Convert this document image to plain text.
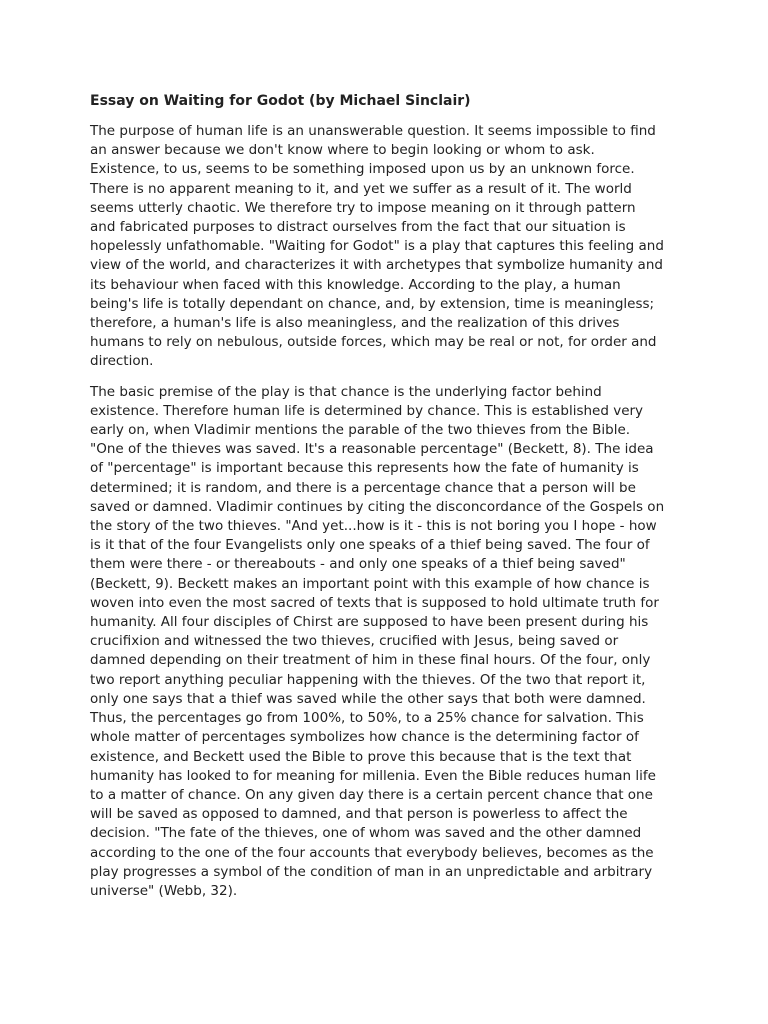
Essay on Waiting for Godot (by Michael Sinclair)
The purpose of human life is an unanswerable question. It seems impossible to find
an answer because we don't know where to begin looking or whom to ask.
Existence, to us, seems to be something imposed upon us by an unknown force.
There is no apparent meaning to it, and yet we suffer as a result of it. The world
seems utterly chaotic. We therefore try to impose meaning on it through pattern
and fabricated purposes to distract ourselves from the fact that our situation is
hopelessly unfathomable. "Waiting for Godot" is a play that captures this feeling and
view of the world, and characterizes it with archetypes that symbolize humanity and
its behaviour when faced with this knowledge. According to the play, a human
being's life is totally dependant on chance, and, by extension, time is meaningless;
therefore, a human's life is also meaningless, and the realization of this drives
humans to rely on nebulous, outside forces, which may be real or not, for order and
direction.
The basic premise of the play is that chance is the underlying factor behind
existence. Therefore human life is determined by chance. This is established very
early on, when Vladimir mentions the parable of the two thieves from the Bible.
"One of the thieves was saved. It's a reasonable percentage" (Beckett, 8). The idea
of "percentage" is important because this represents how the fate of humanity is
determined; it is random, and there is a percentage chance that a person will be
saved or damned. Vladimir continues by citing the disconcordance of the Gospels on
the story of the two thieves. "And yet...how is it - this is not boring you I hope - how
is it that of the four Evangelists only one speaks of a thief being saved. The four of
them were there - or thereabouts - and only one speaks of a thief being saved"
(Beckett, 9). Beckett makes an important point with this example of how chance is
woven into even the most sacred of texts that is supposed to hold ultimate truth for
humanity. All four disciples of Chirst are supposed to have been present during his
crucifixion and witnessed the two thieves, crucified with Jesus, being saved or
damned depending on their treatment of him in these final hours. Of the four, only
two report anything peculiar happening with the thieves. Of the two that report it,
only one says that a thief was saved while the other says that both were damned.
Thus, the percentages go from 100%, to 50%, to a 25% chance for salvation. This
whole matter of percentages symbolizes how chance is the determining factor of
existence, and Beckett used the Bible to prove this because that is the text that
humanity has looked to for meaning for millenia. Even the Bible reduces human life
to a matter of chance. On any given day there is a certain percent chance that one
will be saved as opposed to damned, and that person is powerless to affect the
decision. "The fate of the thieves, one of whom was saved and the other damned
according to the one of the four accounts that everybody believes, becomes as the
play progresses a symbol of the condition of man in an unpredictable and arbitrary
universe" (Webb, 32).
